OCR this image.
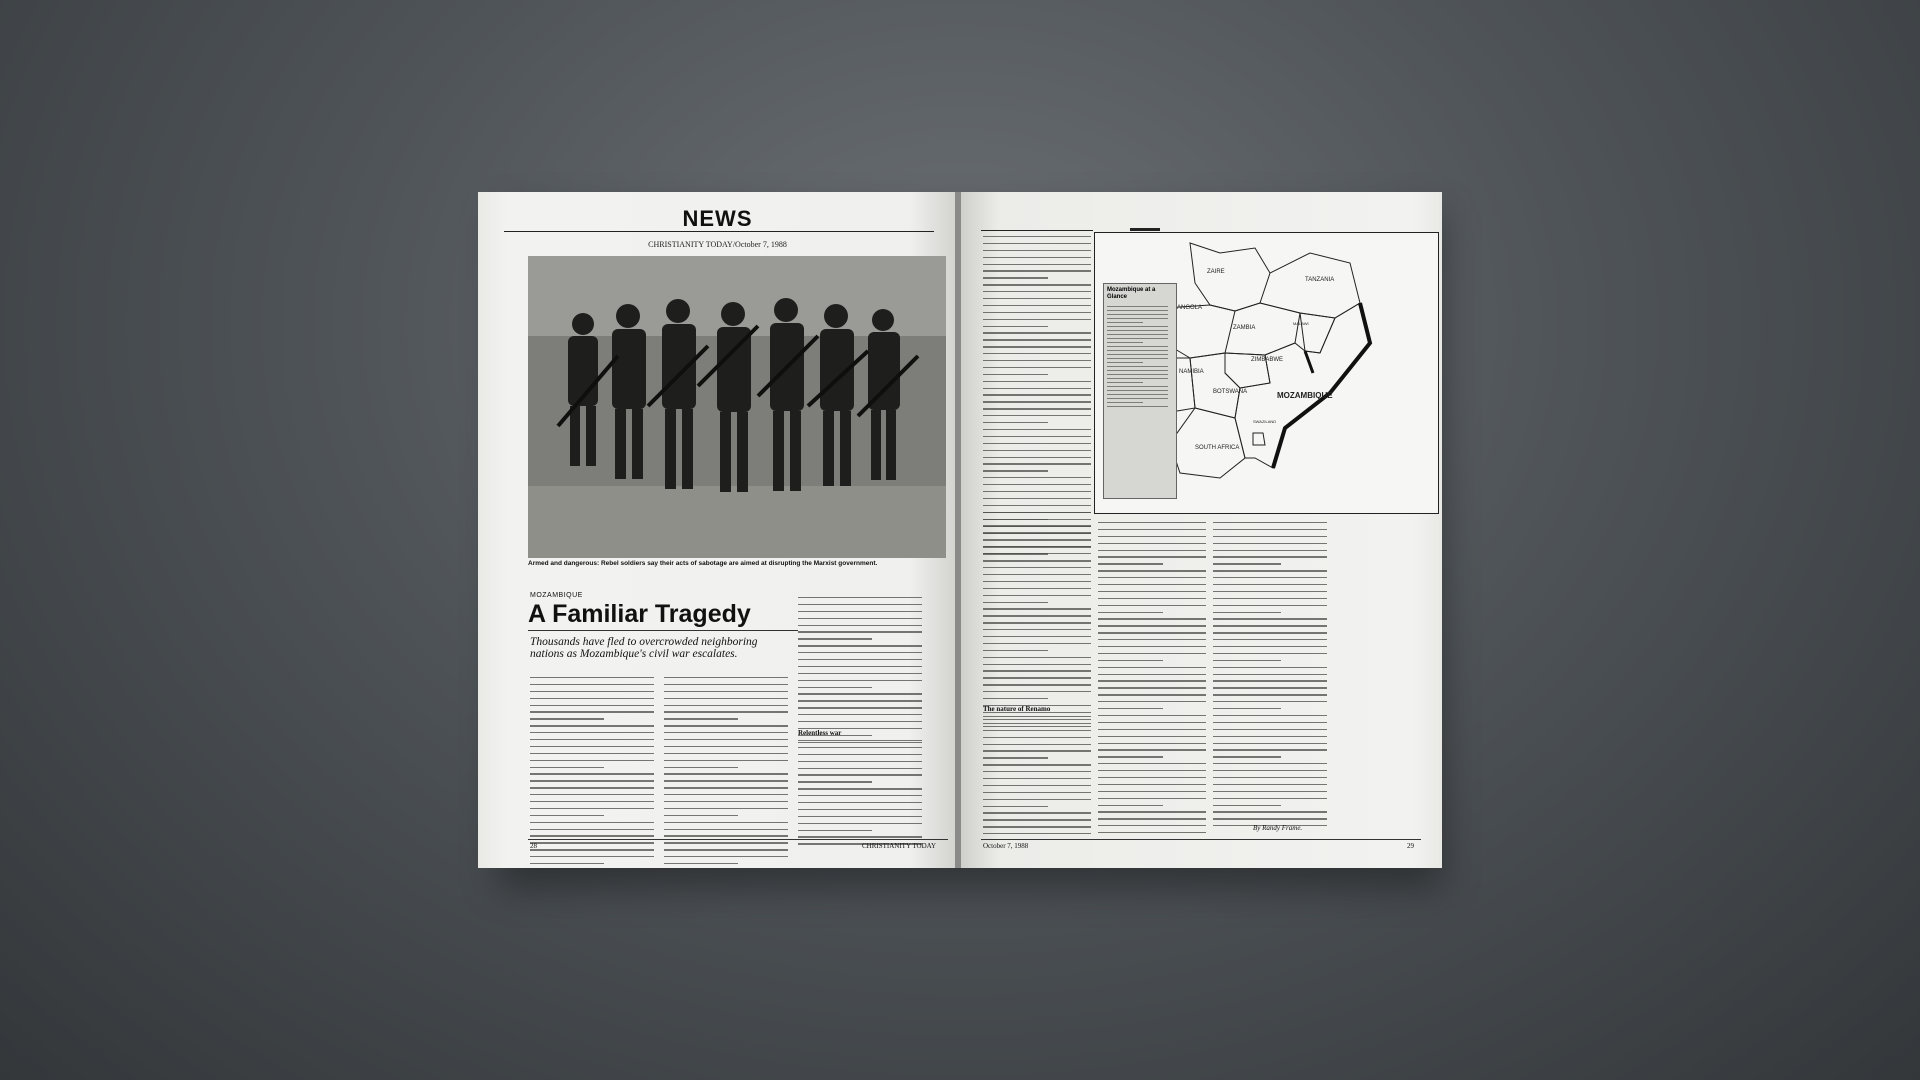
NEWS
CHRISTIANITY TODAY/October 7, 1988
Armed and dangerous: Rebel soldiers say their acts of sabotage are aimed at disrupting the Marxist government.
MOZAMBIQUE
A Familiar Tragedy
Thousands have fled to overcrowded neighboring nations as Mozambique's civil war escalates.
Relentless war
28	CHRISTIANITY TODAY
ZAIRE
TANZANIA
ANGOLA
ZAMBIA
MALAWI
NAMIBIA
ZIMBABWE
BOTSWANA	MOZAMBIQUE
SWAZILAND
SOUTH AFRICA
Mozambique at a Glance
The nature of Renamo
By Randy Frame.
October 7, 1988	29
